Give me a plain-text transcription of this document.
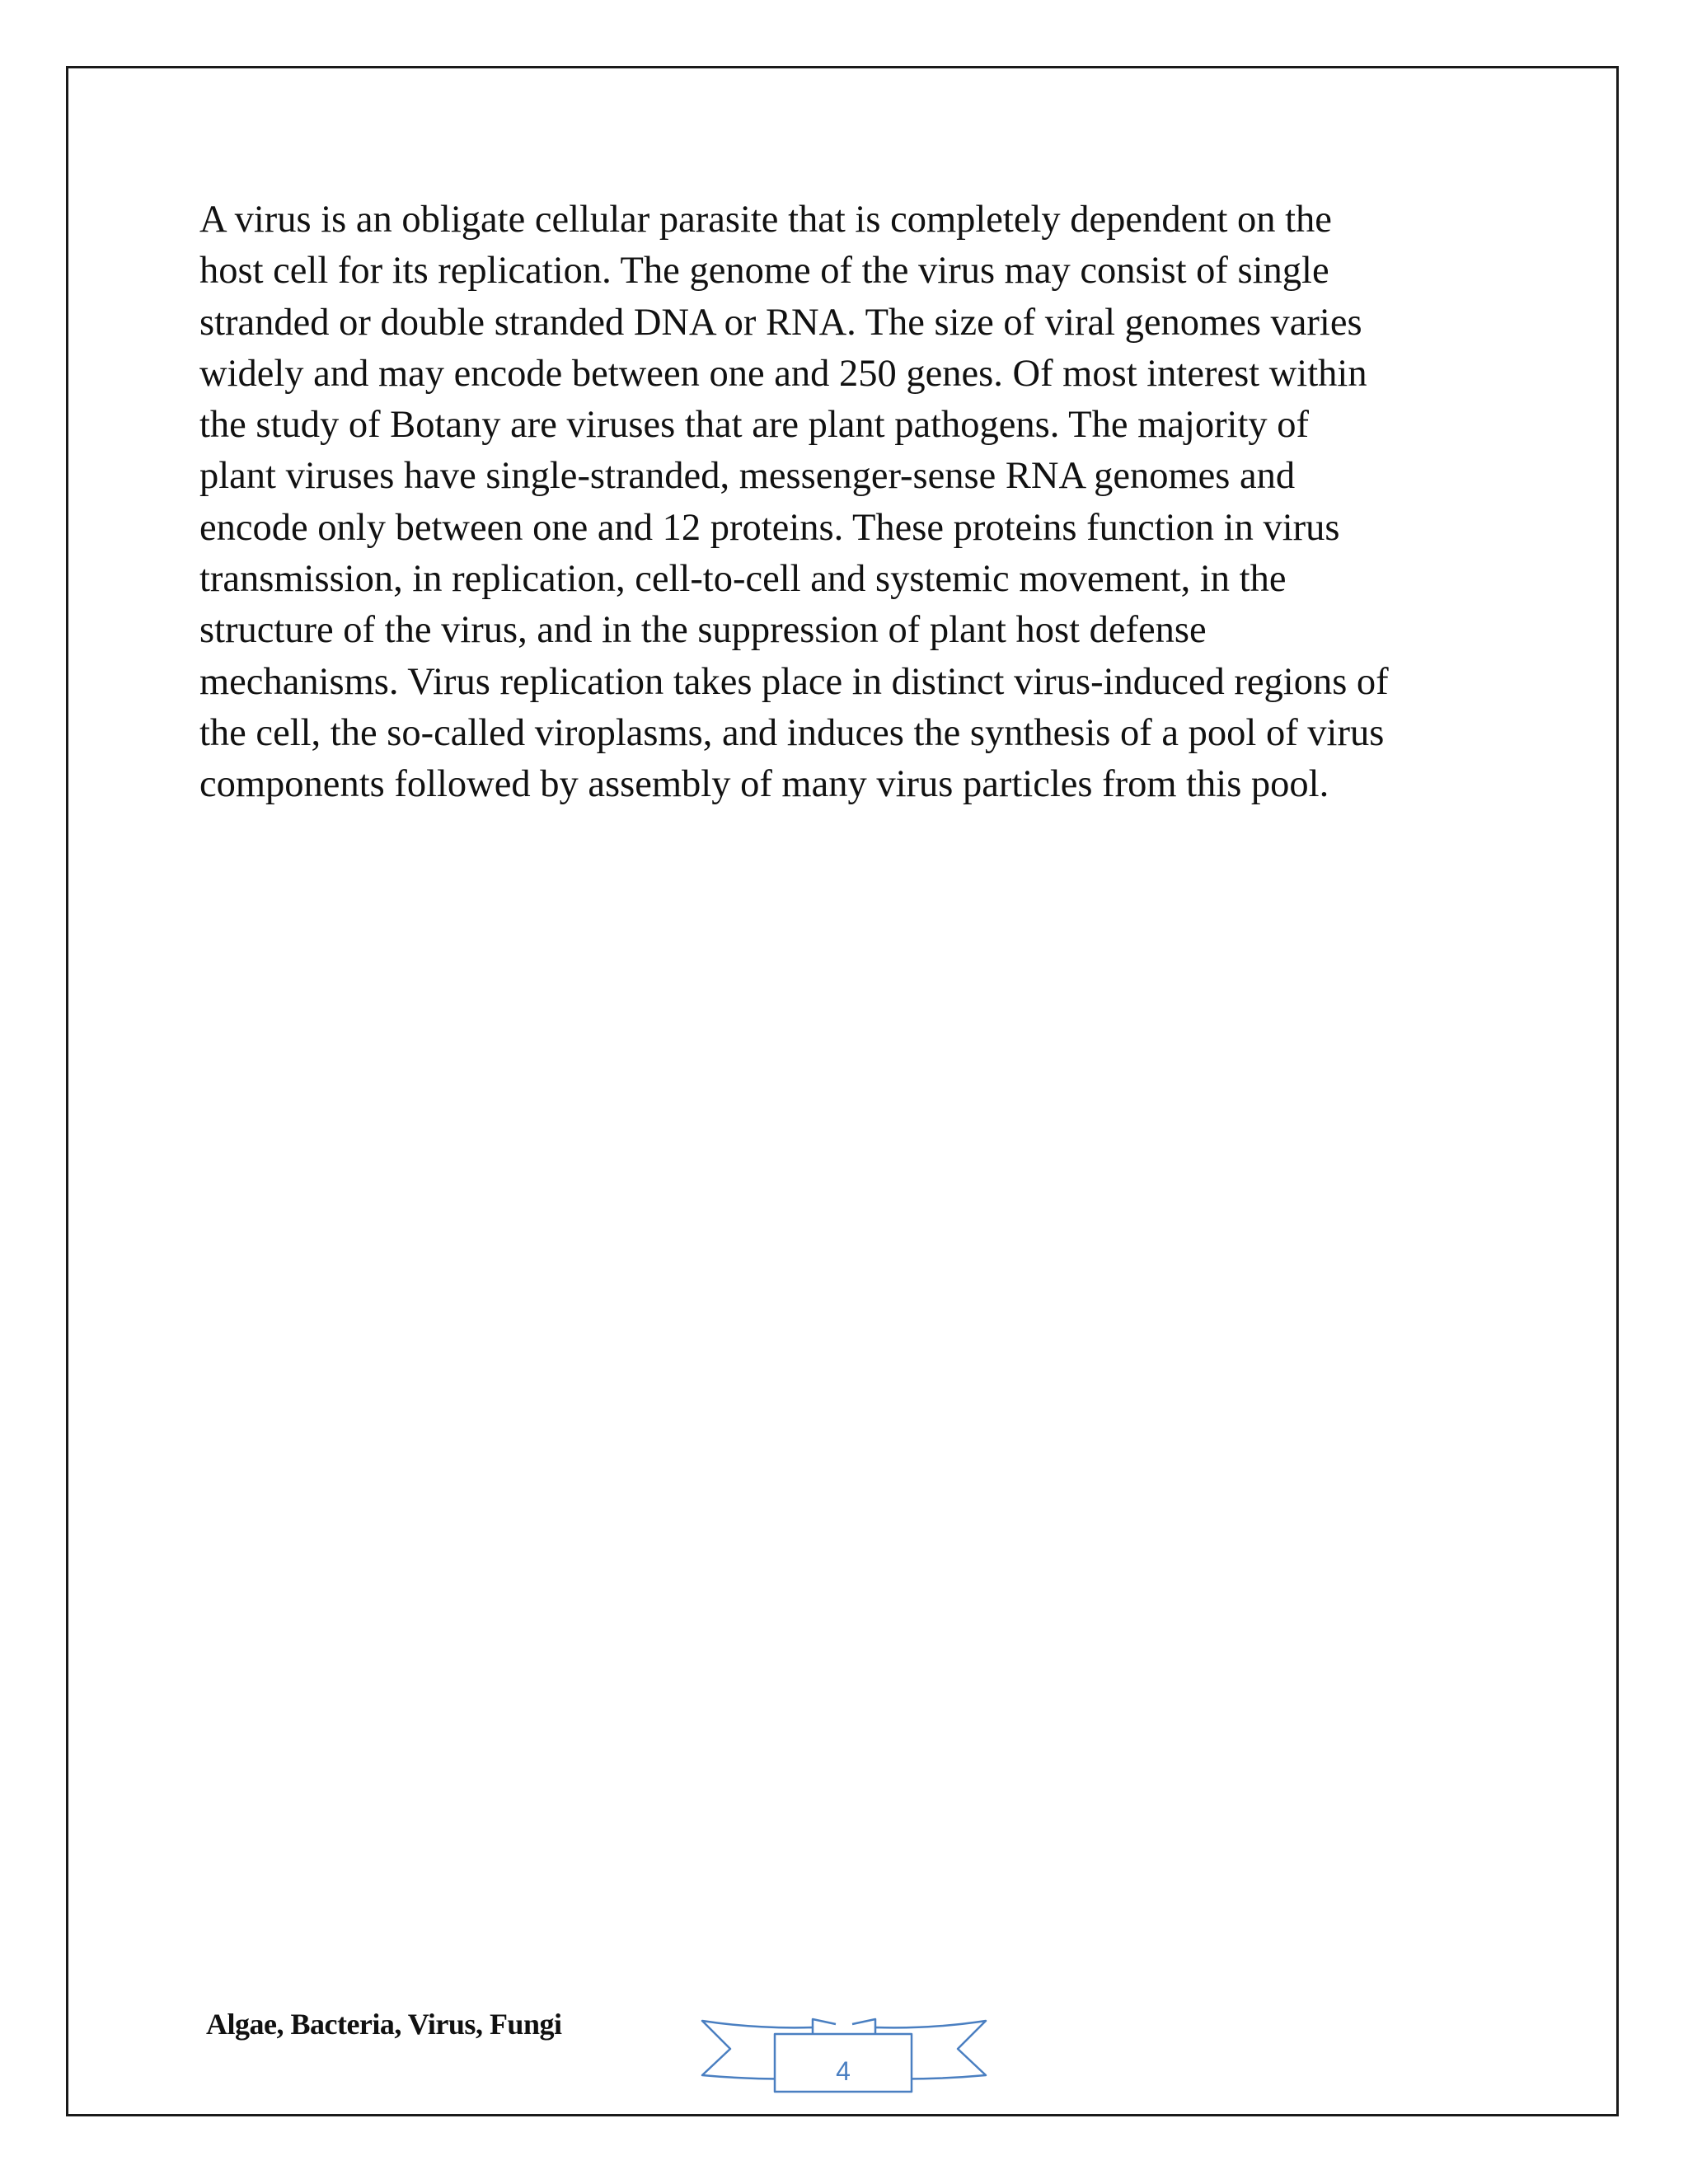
A virus is an obligate cellular parasite that is completely dependent on the
host cell for its replication. The genome of the virus may consist of single
stranded or double stranded DNA or RNA. The size of viral genomes varies
widely and may encode between one and 250 genes. Of most interest within
the study of Botany are viruses that are plant pathogens. The majority of
plant viruses have single-stranded, messenger-sense RNA genomes and
encode only between one and 12 proteins. These proteins function in virus
transmission, in replication, cell-to-cell and systemic movement, in the
structure of the virus, and in the suppression of plant host defense
mechanisms. Virus replication takes place in distinct virus-induced regions of
the cell, the so-called viroplasms, and induces the synthesis of a pool of virus
components followed by assembly of many virus particles from this pool.

Algae, Bacteria, Virus, Fungi

4
